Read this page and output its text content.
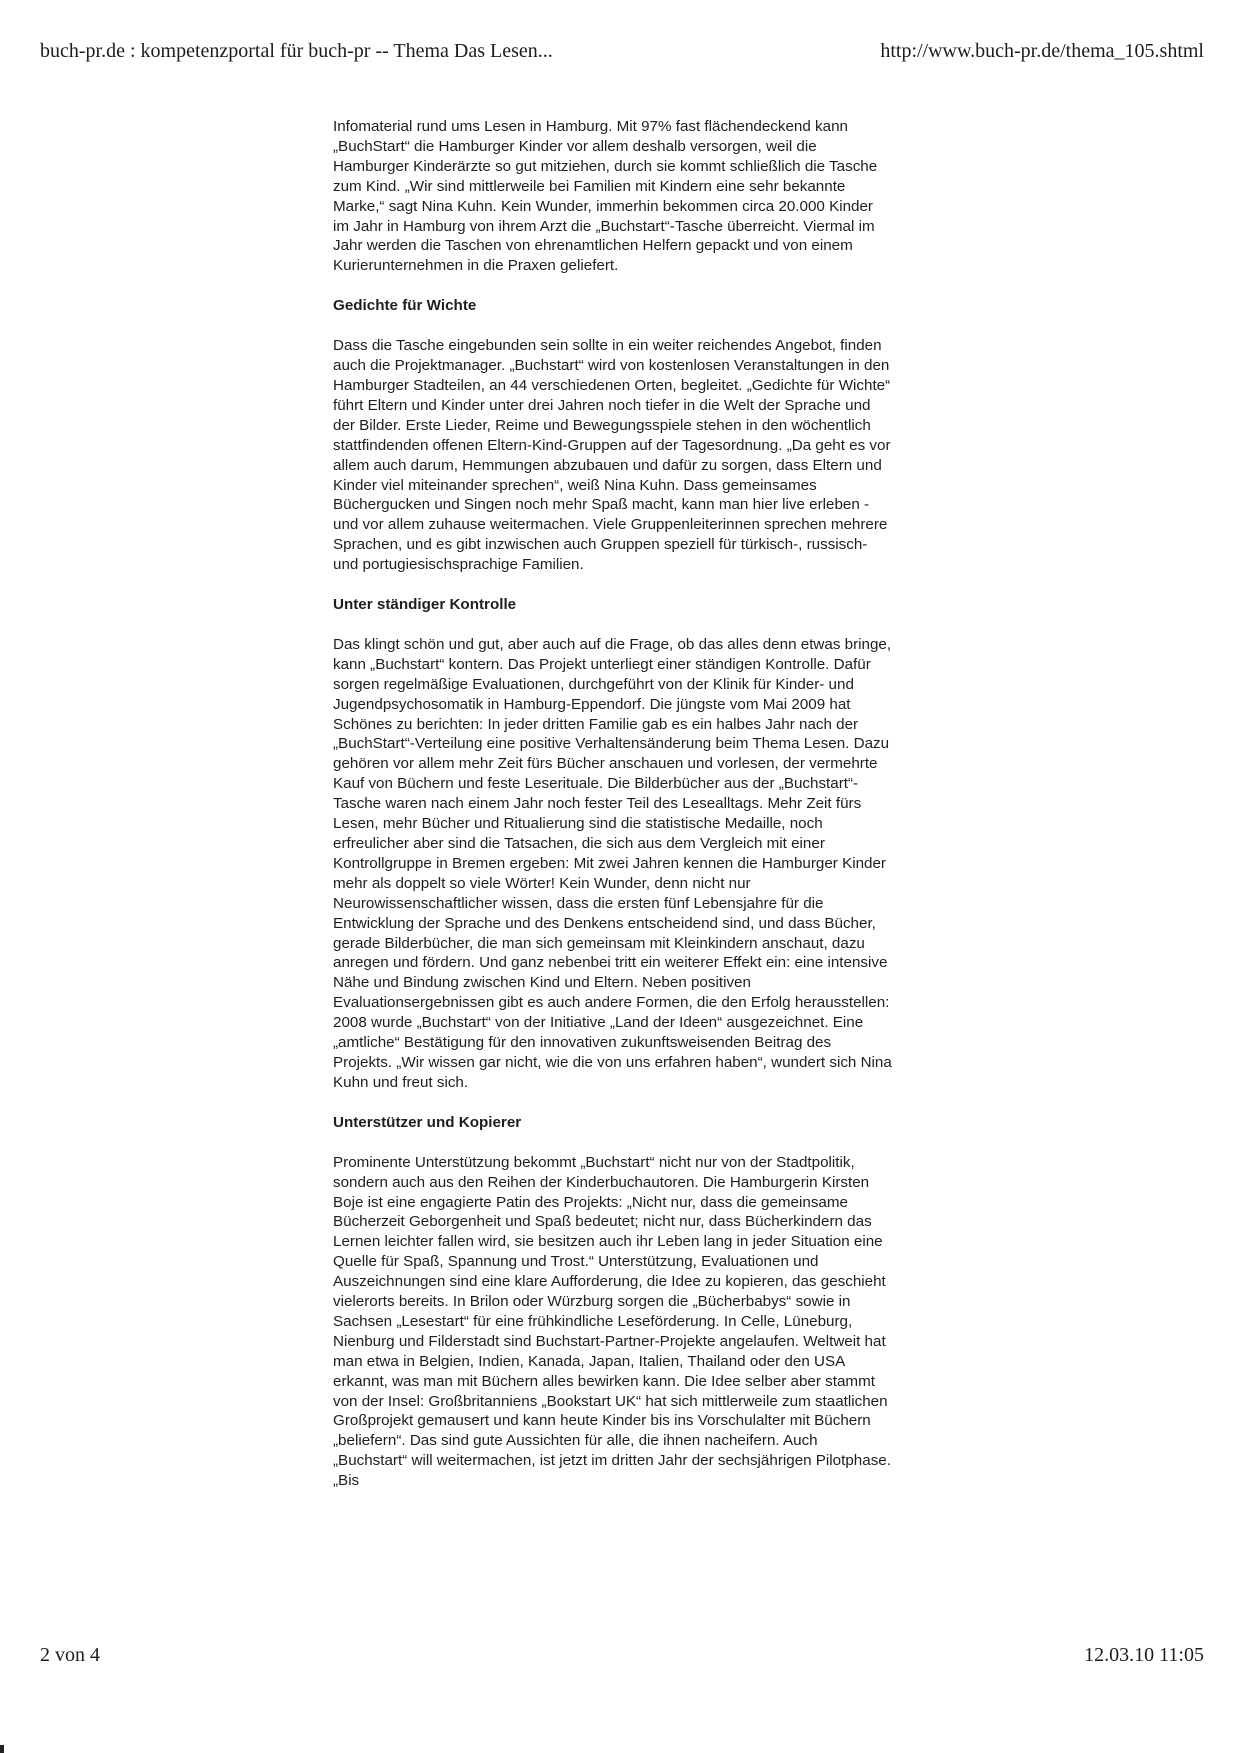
buch-pr.de : kompetenzportal für buch-pr -- Thema Das Lesen...	http://www.buch-pr.de/thema_105.shtml

Infomaterial rund ums Lesen in Hamburg. Mit 97% fast flächendeckend kann „BuchStart“ die Hamburger Kinder vor allem deshalb versorgen, weil die Hamburger Kinderärzte so gut mitziehen, durch sie kommt schließlich die Tasche zum Kind. „Wir sind mittlerweile bei Familien mit Kindern eine sehr bekannte Marke,“ sagt Nina Kuhn. Kein Wunder, immerhin bekommen circa 20.000 Kinder im Jahr in Hamburg von ihrem Arzt die „Buchstart“-Tasche überreicht. Viermal im Jahr werden die Taschen von ehrenamtlichen Helfern gepackt und von einem Kurierunternehmen in die Praxen geliefert.

Gedichte für Wichte

Dass die Tasche eingebunden sein sollte in ein weiter reichendes Angebot, finden auch die Projektmanager. „Buchstart“ wird von kostenlosen Veranstaltungen in den Hamburger Stadteilen, an 44 verschiedenen Orten, begleitet. „Gedichte für Wichte“ führt Eltern und Kinder unter drei Jahren noch tiefer in die Welt der Sprache und der Bilder. Erste Lieder, Reime und Bewegungsspiele stehen in den wöchentlich stattfindenden offenen Eltern-Kind-Gruppen auf der Tagesordnung. „Da geht es vor allem auch darum, Hemmungen abzubauen und dafür zu sorgen, dass Eltern und Kinder viel miteinander sprechen“, weiß Nina Kuhn. Dass gemeinsames Büchergucken und Singen noch mehr Spaß macht, kann man hier live erleben - und vor allem zuhause weitermachen. Viele Gruppenleiterinnen sprechen mehrere Sprachen, und es gibt inzwischen auch Gruppen speziell für türkisch-, russisch- und portugiesischsprachige Familien.

Unter ständiger Kontrolle

Das klingt schön und gut, aber auch auf die Frage, ob das alles denn etwas bringe, kann „Buchstart“ kontern. Das Projekt unterliegt einer ständigen Kontrolle. Dafür sorgen regelmäßige Evaluationen, durchgeführt von der Klinik für Kinder- und Jugendpsychosomatik in Hamburg-Eppendorf. Die jüngste vom Mai 2009 hat Schönes zu berichten: In jeder dritten Familie gab es ein halbes Jahr nach der „BuchStart“-Verteilung eine positive Verhaltensänderung beim Thema Lesen. Dazu gehören vor allem mehr Zeit fürs Bücher anschauen und vorlesen, der vermehrte Kauf von Büchern und feste Leserituale. Die Bilderbücher aus der „Buchstart“-Tasche waren nach einem Jahr noch fester Teil des Lesealltags. Mehr Zeit fürs Lesen, mehr Bücher und Ritualierung sind die statistische Medaille, noch erfreulicher aber sind die Tatsachen, die sich aus dem Vergleich mit einer Kontrollgruppe in Bremen ergeben: Mit zwei Jahren kennen die Hamburger Kinder mehr als doppelt so viele Wörter! Kein Wunder, denn nicht nur Neurowissenschaftlicher wissen, dass die ersten fünf Lebensjahre für die Entwicklung der Sprache und des Denkens entscheidend sind, und dass Bücher, gerade Bilderbücher, die man sich gemeinsam mit Kleinkindern anschaut, dazu anregen und fördern. Und ganz nebenbei tritt ein weiterer Effekt ein: eine intensive Nähe und Bindung zwischen Kind und Eltern. Neben positiven Evaluationsergebnissen gibt es auch andere Formen, die den Erfolg herausstellen: 2008 wurde „Buchstart“ von der Initiative „Land der Ideen“ ausgezeichnet. Eine „amtliche“ Bestätigung für den innovativen zukunftsweisenden Beitrag des Projekts. „Wir wissen gar nicht, wie die von uns erfahren haben“, wundert sich Nina Kuhn und freut sich.

Unterstützer und Kopierer

Prominente Unterstützung bekommt „Buchstart“ nicht nur von der Stadtpolitik, sondern auch aus den Reihen der Kinderbuchautoren. Die Hamburgerin Kirsten Boje ist eine engagierte Patin des Projekts: „Nicht nur, dass die gemeinsame Bücherzeit Geborgenheit und Spaß bedeutet; nicht nur, dass Bücherkindern das Lernen leichter fallen wird, sie besitzen auch ihr Leben lang in jeder Situation eine Quelle für Spaß, Spannung und Trost.“ Unterstützung, Evaluationen und Auszeichnungen sind eine klare Aufforderung, die Idee zu kopieren, das geschieht vielerorts bereits. In Brilon oder Würzburg sorgen die „Bücherbabys“ sowie in Sachsen „Lesestart“ für eine frühkindliche Leseförderung. In Celle, Lüneburg, Nienburg und Filderstadt sind Buchstart-Partner-Projekte angelaufen. Weltweit hat man etwa in Belgien, Indien, Kanada, Japan, Italien, Thailand oder den USA erkannt, was man mit Büchern alles bewirken kann. Die Idee selber aber stammt von der Insel: Großbritanniens „Bookstart UK“ hat sich mittlerweile zum staatlichen Großprojekt gemausert und kann heute Kinder bis ins Vorschulalter mit Büchern „beliefern“. Das sind gute Aussichten für alle, die ihnen nacheifern. Auch „Buchstart“ will weitermachen, ist jetzt im dritten Jahr der sechsjährigen Pilotphase. „Bis

2 von 4	12.03.10 11:05
